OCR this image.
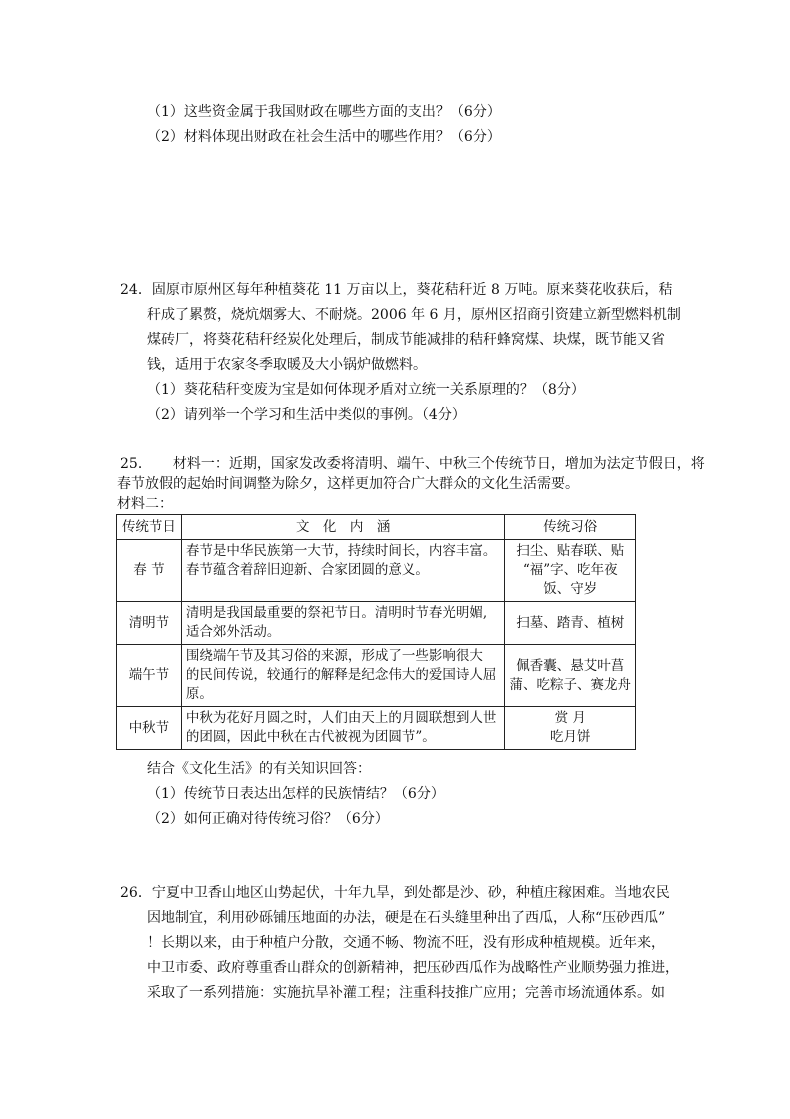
（1）这些资金属于我国财政在哪些方面的支出？（6分）
（2）材料体现出财政在社会生活中的哪些作用？（6分）
24．固原市原州区每年种植葵花 11 万亩以上，葵花秸秆近 8 万吨。原来葵花收获后，秸
秆成了累赘，烧炕烟雾大、不耐烧。2006 年 6 月，原州区招商引资建立新型燃料机制
煤砖厂，将葵花秸秆经炭化处理后，制成节能减排的秸秆蜂窝煤、块煤，既节能又省
钱，适用于农家冬季取暖及大小锅炉做燃料。
（1）葵花秸秆变废为宝是如何体现矛盾对立统一关系原理的？（8分）
（2）请列举一个学习和生活中类似的事例。（4分）
25．　　材料一：近期，国家发改委将清明、端午、中秋三个传统节日，增加为法定节假日，将
春节放假的起始时间调整为除夕，这样更加符合广大群众的文化生活需要。
材料二：
传统节日	文　化　内　涵	传统习俗
春 节	春节是中华民族第一大节，持续时间长，内容丰富。
春节蕴含着辞旧迎新、合家团圆的意义。	扫尘、贴春联、贴
“福”字、吃年夜
饭、守岁

清明节	清明是我国最重要的祭祀节日。清明时节春光明媚,
适合郊外活动。	扫墓、踏青、植树

端午节	围绕端午节及其习俗的来源，形成了一些影响很大
的民间传说，较通行的解释是纪念伟大的爱国诗人屈
原。	佩香囊、悬艾叶菖
蒲、吃粽子、赛龙舟

中秋节	中秋为花好月圆之时，人们由天上的月圆联想到人世
的团圆，因此中秋在古代被视为团圆节”。	赏 月
吃月饼
结合《文化生活》的有关知识回答：
（1）传统节日表达出怎样的民族情结？（6分）
（2）如何正确对待传统习俗？（6分）
26．宁夏中卫香山地区山势起伏，十年九旱，到处都是沙、砂，种植庄稼困难。当地农民
因地制宜，利用砂砾铺压地面的办法，硬是在石头缝里种出了西瓜，人称“压砂西瓜”
！长期以来，由于种植户分散，交通不畅、物流不旺，没有形成种植规模。近年来，
中卫市委、政府尊重香山群众的创新精神，把压砂西瓜作为战略性产业顺势强力推进，
采取了一系列措施：实施抗旱补灌工程；注重科技推广应用；完善市场流通体系。如
